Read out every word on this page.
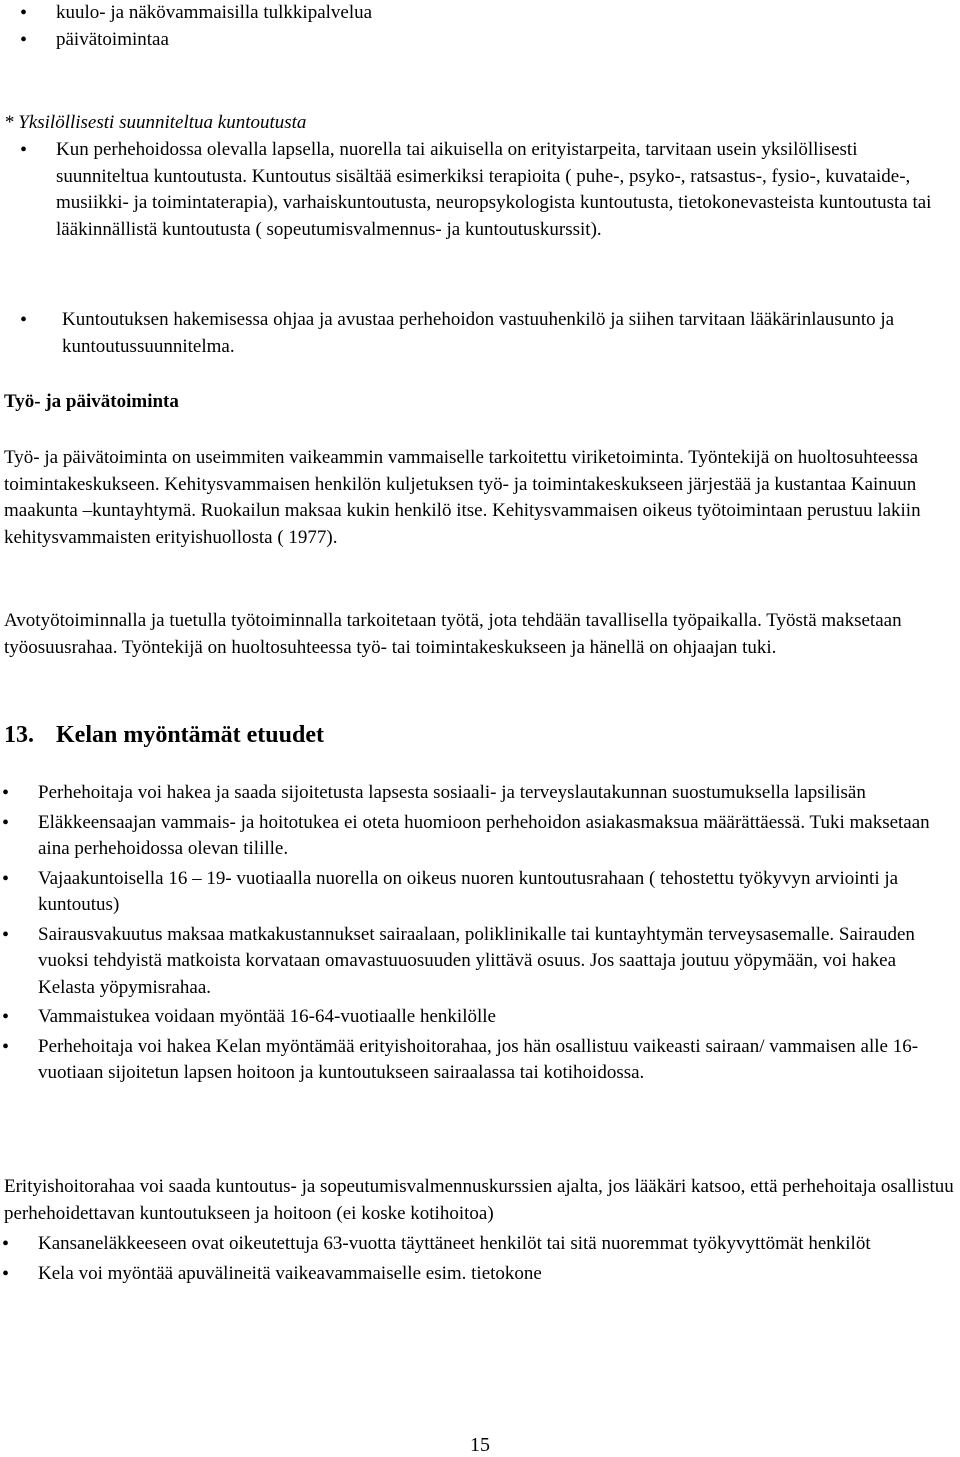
• kuulo- ja näkövammaisilla tulkkipalvelua
• päivätoimintaa

* Yksilöllisesti suunniteltua kuntoutusta

• Kun perhehoidossa olevalla lapsella, nuorella tai aikuisella on erityistarpeita, tarvitaan usein yksilöllisesti suunniteltua kuntoutusta. Kuntoutus sisältää esimerkiksi terapioita ( puhe-, psyko-, ratsastus-, fysio-, kuvataide-, musiikki- ja toimintaterapia), varhaiskuntoutusta, neuropsykologista kuntoutusta, tietokonevasteista kuntoutusta tai lääkinnällistä kuntoutusta ( sopeutumisvalmennus- ja kuntoutuskurssit).
• Kuntoutuksen hakemisessa ohjaa ja avustaa perhehoidon vastuuhenkilö ja siihen tarvitaan lääkärinlausunto ja kuntoutussuunnitelma.

Työ- ja päivätoiminta

Työ- ja päivätoiminta on useimmiten vaikeammin vammaiselle tarkoitettu viriketoiminta. Työntekijä on huoltosuhteessa toimintakeskukseen. Kehitysvammaisen henkilön kuljetuksen työ- ja toimintakeskukseen järjestää ja kustantaa Kainuun maakunta –kuntayhtymä. Ruokailun maksaa kukin henkilö itse. Kehitysvammaisen oikeus työtoimintaan perustuu lakiin kehitysvammaisten erityishuollosta ( 1977).

Avotyötoiminnalla ja tuetulla työtoiminnalla tarkoitetaan työtä, jota tehdään tavallisella työpaikalla. Työstä maksetaan työosuusrahaa. Työntekijä on huoltosuhteessa työ- tai toimintakeskukseen ja hänellä on ohjaajan tuki.

13. Kelan myöntämät etuudet
• Perhehoitaja voi hakea ja saada sijoitetusta lapsesta sosiaali- ja terveyslautakunnan suostumuksella lapsilisän
• Eläkkeensaajan vammais- ja hoitotukea ei oteta huomioon perhehoidon asiakasmaksua määrättäessä. Tuki maksetaan aina perhehoidossa olevan tilille.
• Vajaakuntoisella 16 – 19- vuotiaalla nuorella on oikeus nuoren kuntoutusrahaan ( tehostettu työkyvyn arviointi ja kuntoutus)
• Sairausvakuutus maksaa matkakustannukset sairaalaan, poliklinikalle tai kuntayhtymän terveysasemalle. Sairauden vuoksi tehdyistä matkoista korvataan omavastuuosuuden ylittävä osuus. Jos saattaja joutuu yöpymään, voi hakea Kelasta yöpymisrahaa.
• Vammaistukea voidaan myöntää 16-64-vuotiaalle henkilölle
• Perhehoitaja voi hakea Kelan myöntämää erityishoitorahaa, jos hän osallistuu vaikeasti sairaan/ vammaisen alle 16-vuotiaan sijoitetun lapsen hoitoon ja kuntoutukseen sairaalassa tai kotihoidossa.

Erityishoitorahaa voi saada kuntoutus- ja sopeutumisvalmennuskurssien ajalta, jos lääkäri katsoo, että perhehoitaja osallistuu perhehoidettavan kuntoutukseen ja hoitoon (ei koske kotihoitoa)

• Kansaneläkkeeseen ovat oikeutettuja 63-vuotta täyttäneet henkilöt tai sitä nuoremmat työkyvyttömät henkilöt
• Kela voi myöntää apuvälineitä vaikeavammaiselle esim. tietokone
15
